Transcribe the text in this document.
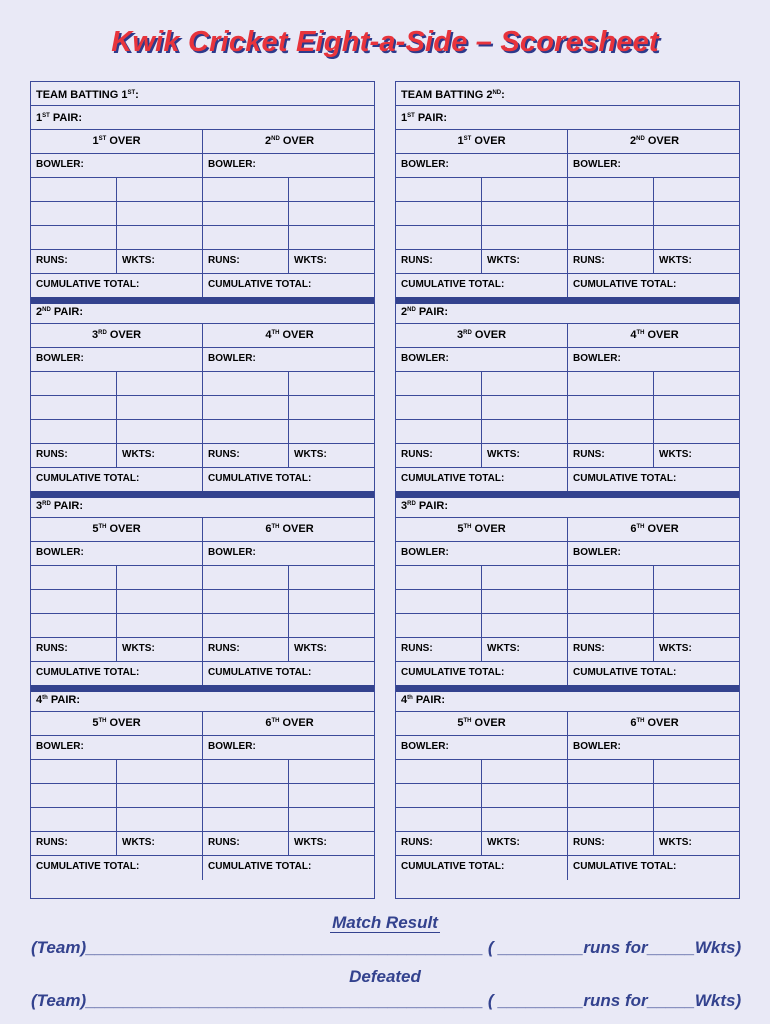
Kwik Cricket Eight-a-Side – Scoresheet
TEAM BATTING 1ST:
1ST PAIR:
1ST OVER	2ND OVER
BOWLER:	BOWLER:
RUNS:	WKTS:	RUNS:	WKTS:
CUMULATIVE TOTAL:	CUMULATIVE TOTAL:
2ND PAIR:
3RD OVER	4TH OVER
BOWLER:	BOWLER:
RUNS:	WKTS:	RUNS:	WKTS:
CUMULATIVE TOTAL:	CUMULATIVE TOTAL:
3RD PAIR:
5TH OVER	6TH OVER
BOWLER:	BOWLER:
RUNS:	WKTS:	RUNS:	WKTS:
CUMULATIVE TOTAL:	CUMULATIVE TOTAL:
4th PAIR:
5TH OVER	6TH OVER
BOWLER:	BOWLER:
RUNS:	WKTS:	RUNS:	WKTS:
CUMULATIVE TOTAL:	CUMULATIVE TOTAL:
TEAM BATTING 2ND:
1ST PAIR:
1ST OVER	2ND OVER
BOWLER:	BOWLER:
RUNS:	WKTS:	RUNS:	WKTS:
CUMULATIVE TOTAL:	CUMULATIVE TOTAL:
2ND PAIR:
3RD OVER	4TH OVER
BOWLER:	BOWLER:
RUNS:	WKTS:	RUNS:	WKTS:
CUMULATIVE TOTAL:	CUMULATIVE TOTAL:
3RD PAIR:
5TH OVER	6TH OVER
BOWLER:	BOWLER:
RUNS:	WKTS:	RUNS:	WKTS:
CUMULATIVE TOTAL:	CUMULATIVE TOTAL:
4th PAIR:
5TH OVER	6TH OVER
BOWLER:	BOWLER:
RUNS:	WKTS:	RUNS:	WKTS:
CUMULATIVE TOTAL:	CUMULATIVE TOTAL:
Match Result
(Team)__________________________________________ ( _________runs for_____Wkts)
Defeated
(Team)__________________________________________ ( _________runs for_____Wkts)
